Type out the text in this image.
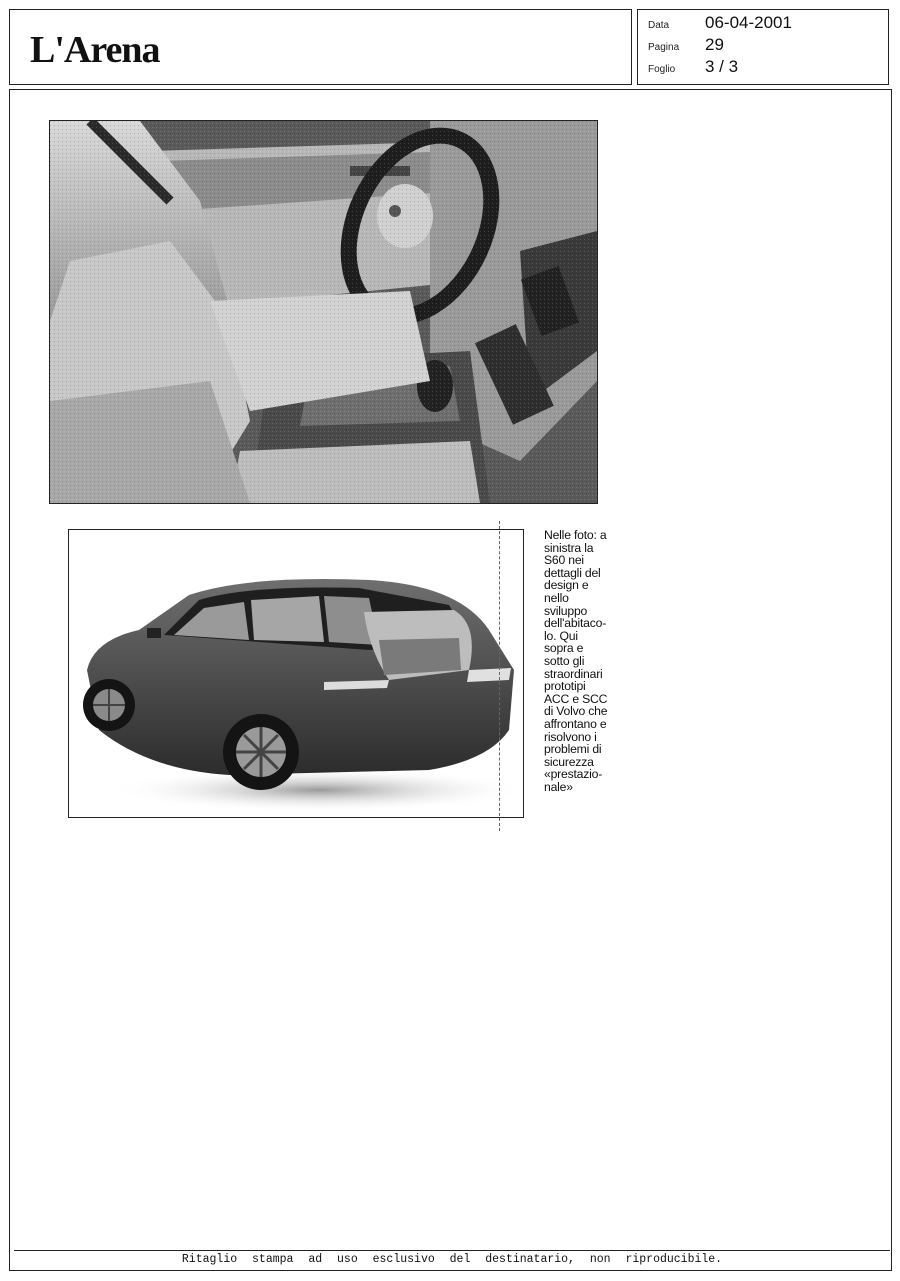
L'Arena
Data	06-04-2001
Pagina	29
Foglio	3 / 3
Nelle foto: a
sinistra la
S60 nei
dettagli del
design e
nello
sviluppo
dell'abitaco-
lo. Qui
sopra e
sotto gli
straordinari
prototipi
ACC e SCC
di Volvo che
affrontano e
risolvono i
problemi di
sicurezza
«prestazio-
nale»
Ritaglio stampa ad uso esclusivo del destinatario, non riproducibile.
